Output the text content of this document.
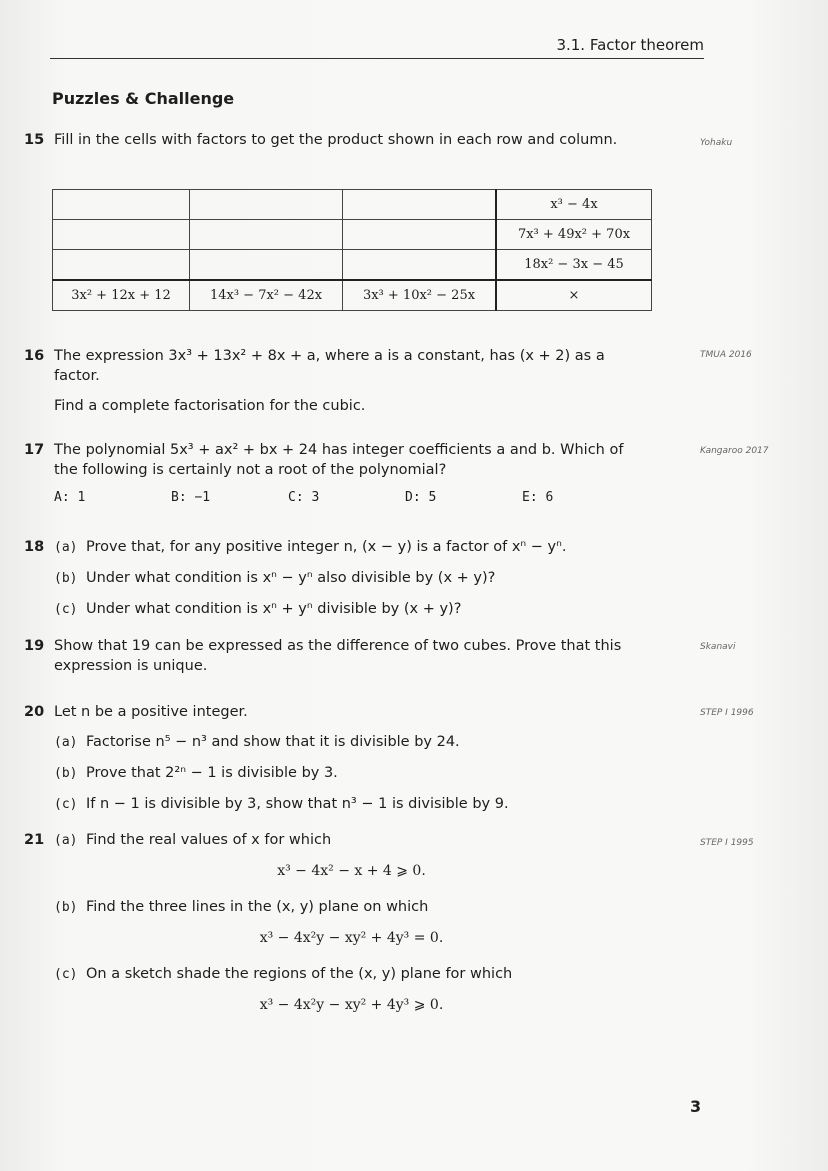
3.1. Factor theorem
Puzzles & Challenge
15 Fill in the cells with factors to get the product shown in each row and column.	Yohaku
			x³ − 4x
			7x³ + 49x² + 70x
			18x² − 3x − 45
3x² + 12x + 12	14x³ − 7x² − 42x	3x³ + 10x² − 25x	×
16 The expression 3x³ + 13x² + 8x + a, where a is a constant, has (x + 2) as a factor.
Find a complete factorisation for the cubic.
TMUA 2016
17 The polynomial 5x³ + ax² + bx + 24 has integer coefficients a and b. Which of the following is certainly not a root of the polynomial?
A: 1	B: −1	C: 3	D: 5	E: 6
Kangaroo 2017
18 (a) Prove that, for any positive integer n, (x − y) is a factor of xⁿ − yⁿ.
(b) Under what condition is xⁿ − yⁿ also divisible by (x + y)?
(c) Under what condition is xⁿ + yⁿ divisible by (x + y)?
19 Show that 19 can be expressed as the difference of two cubes. Prove that this expression is unique.
Skanavi
20 Let n be a positive integer.
(a) Factorise n⁵ − n³ and show that it is divisible by 24.
(b) Prove that 2²ⁿ − 1 is divisible by 3.
(c) If n − 1 is divisible by 3, show that n³ − 1 is divisible by 9.
STEP I 1996
21 (a) Find the real values of x for which
x³ − 4x² − x + 4 ⩾ 0.
(b) Find the three lines in the (x, y) plane on which
x³ − 4x²y − xy² + 4y³ = 0.
(c) On a sketch shade the regions of the (x, y) plane for which
x³ − 4x²y − xy² + 4y³ ⩾ 0.
STEP I 1995
3
